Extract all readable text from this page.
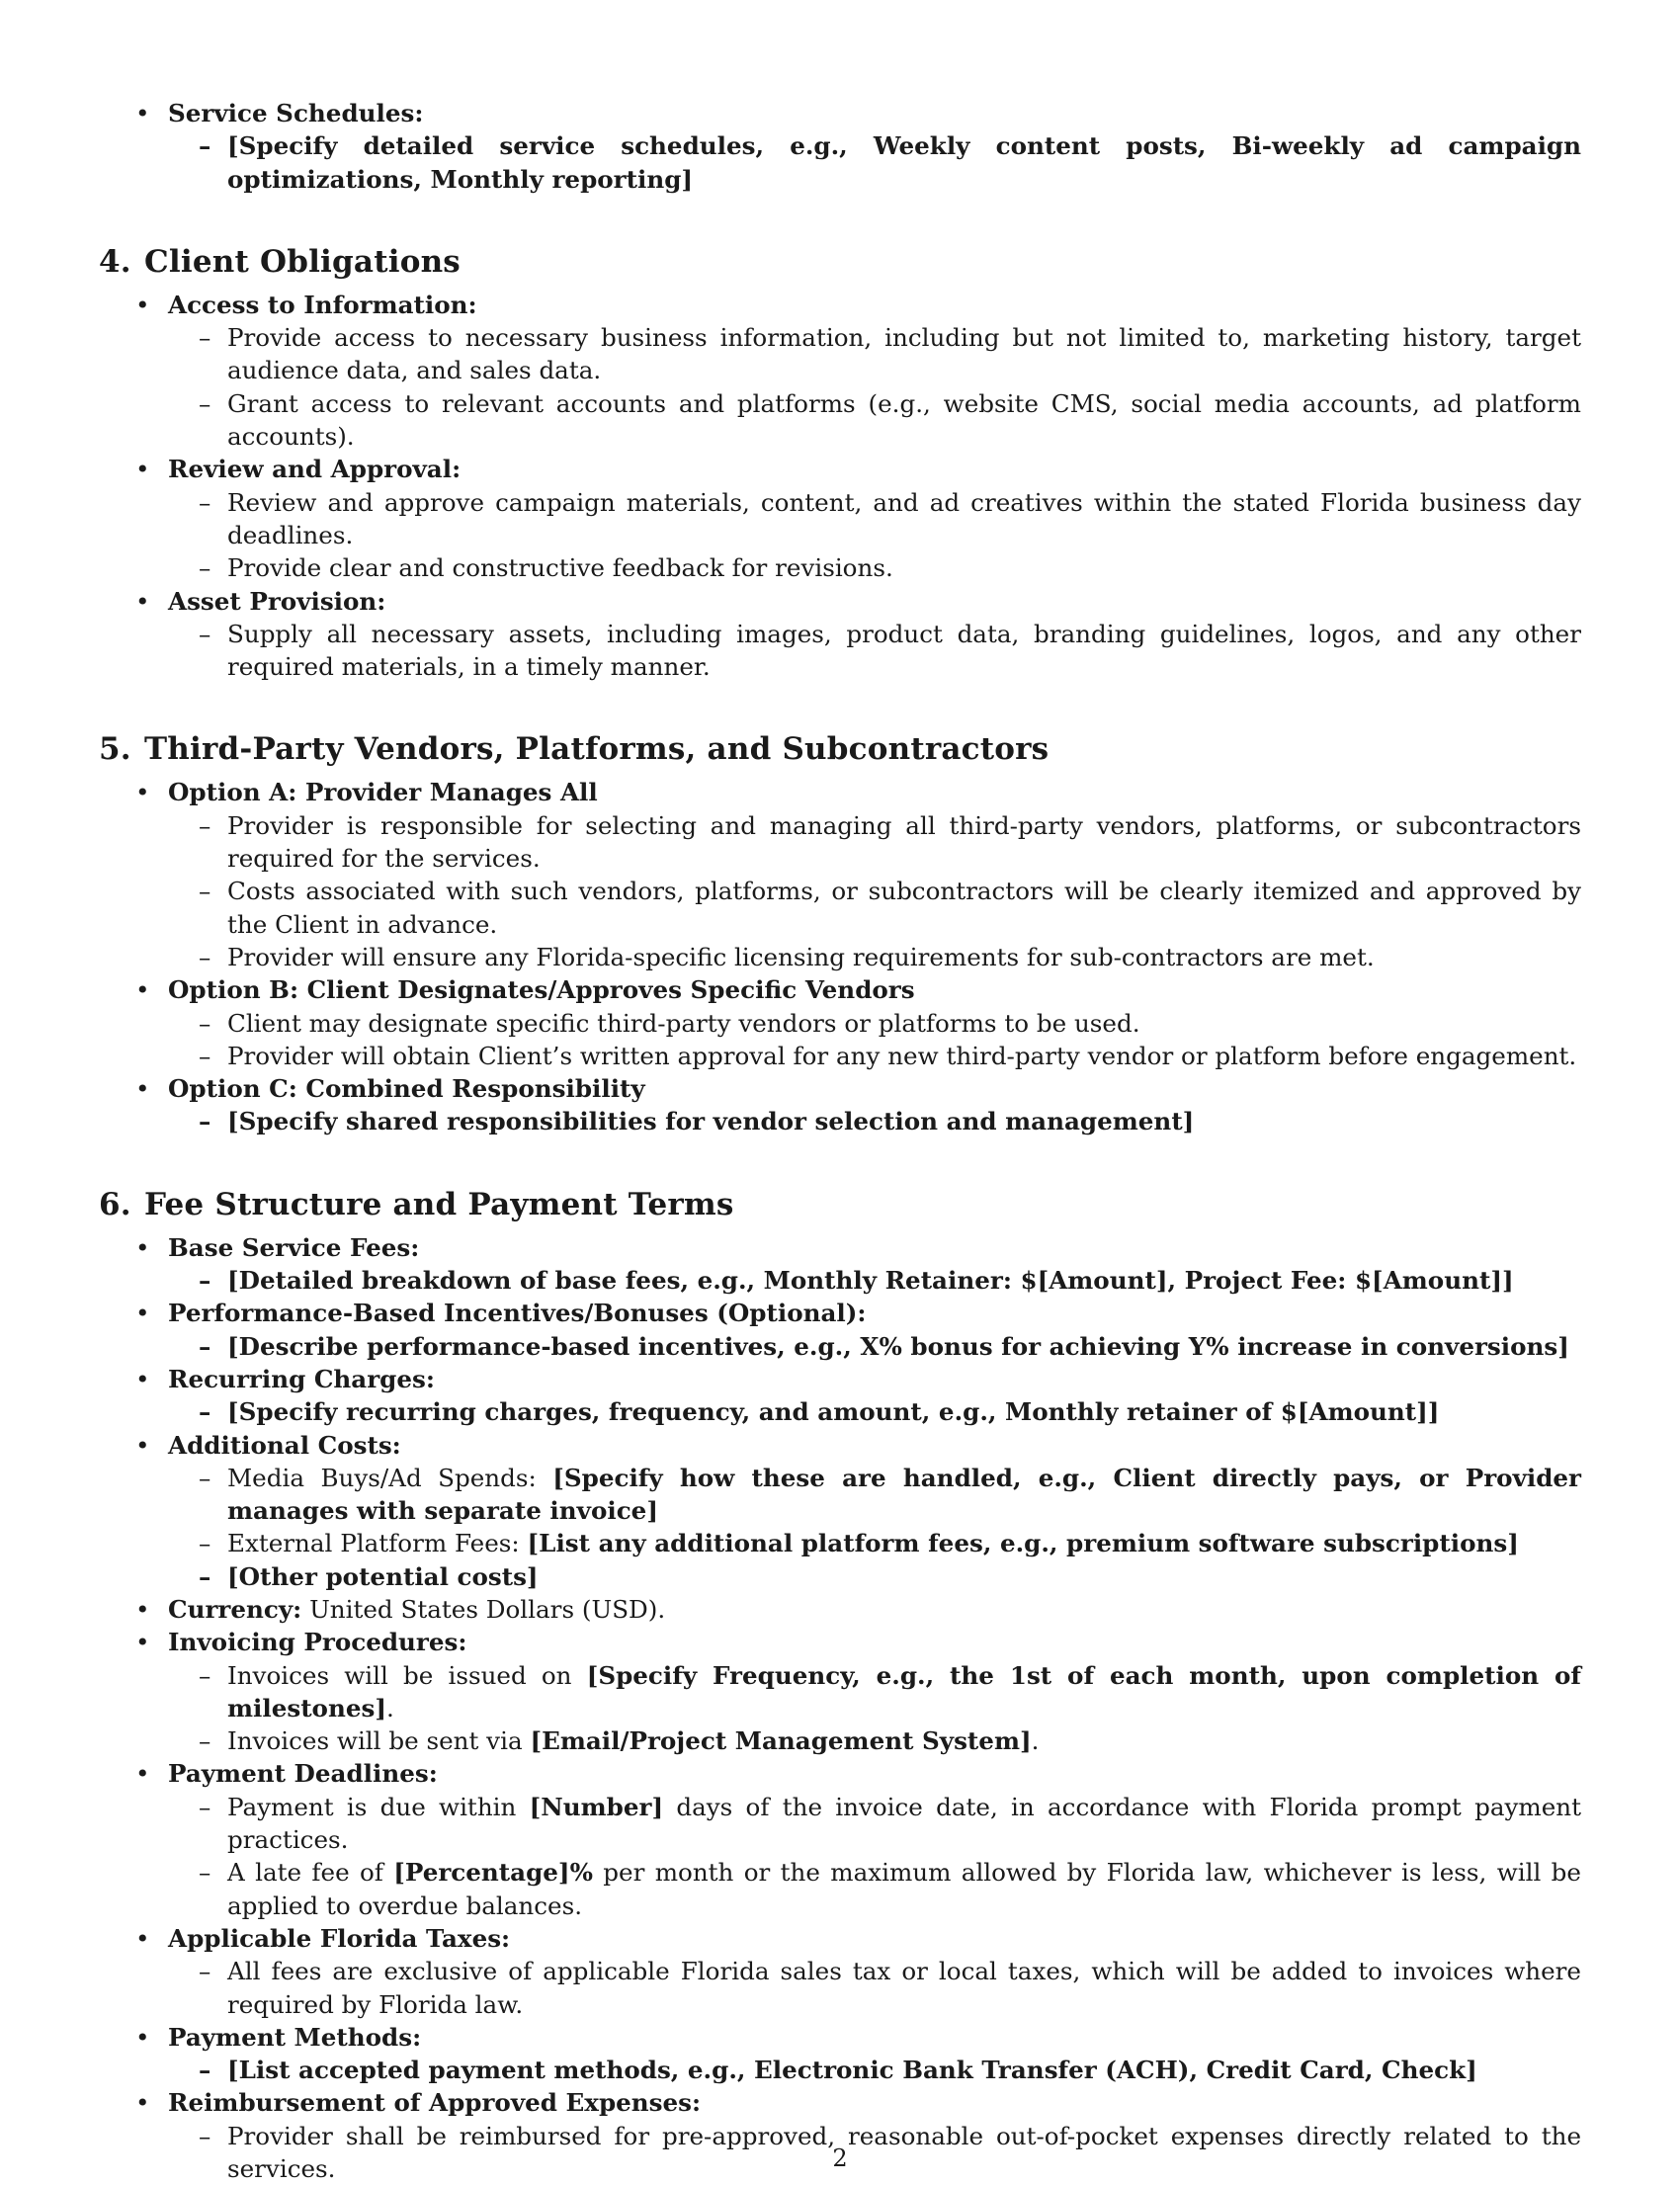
• Service Schedules:
– [Specify detailed service schedules, e.g., Weekly content posts, Bi-weekly ad campaign optimizations, Monthly reporting]
4. Client Obligations
• Access to Information:
– Provide access to necessary business information, including but not limited to, marketing history, target audience data, and sales data.
– Grant access to relevant accounts and platforms (e.g., website CMS, social media accounts, ad platform accounts).
• Review and Approval:
– Review and approve campaign materials, content, and ad creatives within the stated Florida business day deadlines.
– Provide clear and constructive feedback for revisions.
• Asset Provision:
– Supply all necessary assets, including images, product data, branding guidelines, logos, and any other required materials, in a timely manner.
5. Third-Party Vendors, Platforms, and Subcontractors
• Option A: Provider Manages All
– Provider is responsible for selecting and managing all third-party vendors, platforms, or subcontractors required for the services.
– Costs associated with such vendors, platforms, or subcontractors will be clearly itemized and approved by the Client in advance.
– Provider will ensure any Florida-specific licensing requirements for sub-contractors are met.
• Option B: Client Designates/Approves Specific Vendors
– Client may designate specific third-party vendors or platforms to be used.
– Provider will obtain Client’s written approval for any new third-party vendor or platform before engagement.
• Option C: Combined Responsibility
– [Specify shared responsibilities for vendor selection and management]
6. Fee Structure and Payment Terms
• Base Service Fees:
– [Detailed breakdown of base fees, e.g., Monthly Retainer: $[Amount], Project Fee: $[Amount]]
• Performance-Based Incentives/Bonuses (Optional):
– [Describe performance-based incentives, e.g., X% bonus for achieving Y% increase in conversions]
• Recurring Charges:
– [Specify recurring charges, frequency, and amount, e.g., Monthly retainer of $[Amount]]
• Additional Costs:
– Media Buys/Ad Spends: [Specify how these are handled, e.g., Client directly pays, or Provider manages with separate invoice]
– External Platform Fees: [List any additional platform fees, e.g., premium software subscriptions]
– [Other potential costs]
• Currency: United States Dollars (USD).
• Invoicing Procedures:
– Invoices will be issued on [Specify Frequency, e.g., the 1st of each month, upon completion of milestones].
– Invoices will be sent via [Email/Project Management System].
• Payment Deadlines:
– Payment is due within [Number] days of the invoice date, in accordance with Florida prompt payment practices.
– A late fee of [Percentage]% per month or the maximum allowed by Florida law, whichever is less, will be applied to overdue balances.
• Applicable Florida Taxes:
– All fees are exclusive of applicable Florida sales tax or local taxes, which will be added to invoices where required by Florida law.
• Payment Methods:
– [List accepted payment methods, e.g., Electronic Bank Transfer (ACH), Credit Card, Check]
• Reimbursement of Approved Expenses:
– Provider shall be reimbursed for pre-approved, reasonable out-of-pocket expenses directly related to the services.	2
